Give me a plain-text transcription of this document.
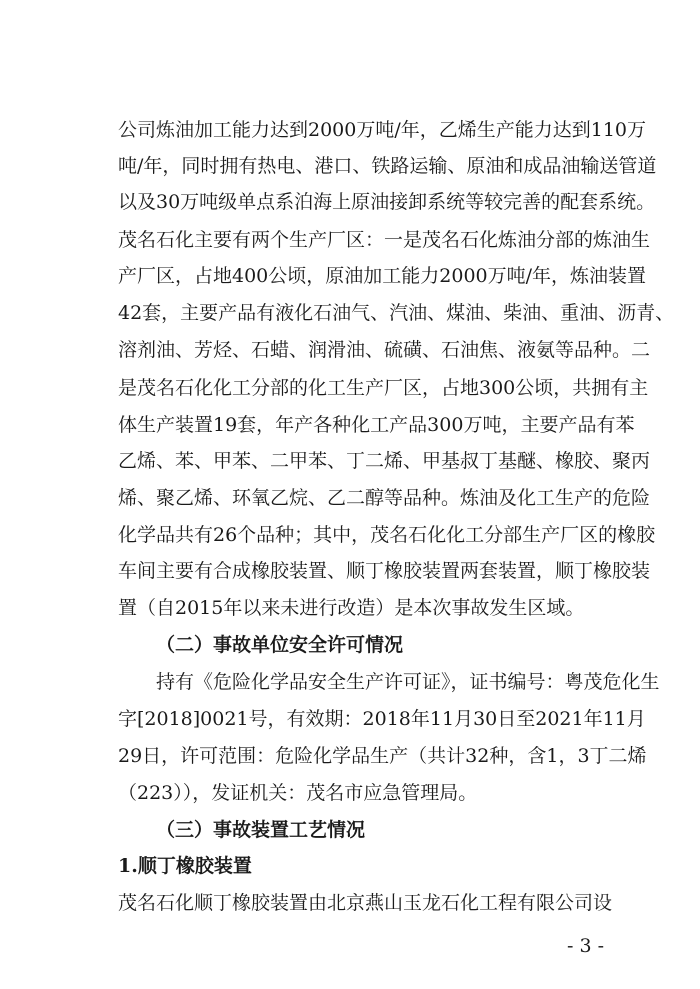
公司炼油加工能力达到2000万吨/年，乙烯生产能力达到110万
吨/年，同时拥有热电、港口、铁路运输、原油和成品油输送管道
以及30万吨级单点系泊海上原油接卸系统等较完善的配套系统。
茂名石化主要有两个生产厂区：一是茂名石化炼油分部的炼油生
产厂区，占地400公顷，原油加工能力2000万吨/年，炼油装置
42套，主要产品有液化石油气、汽油、煤油、柴油、重油、沥青、
溶剂油、芳烃、石蜡、润滑油、硫磺、石油焦、液氨等品种。二
是茂名石化化工分部的化工生产厂区，占地300公顷，共拥有主
体生产装置19套，年产各种化工产品300万吨，主要产品有苯
乙烯、苯、甲苯、二甲苯、丁二烯、甲基叔丁基醚、橡胶、聚丙
烯、聚乙烯、环氧乙烷、乙二醇等品种。炼油及化工生产的危险
化学品共有26个品种；其中，茂名石化化工分部生产厂区的橡胶
车间主要有合成橡胶装置、顺丁橡胶装置两套装置，顺丁橡胶装
置（自2015年以来未进行改造）是本次事故发生区域。
（二）事故单位安全许可情况
持有《危险化学品安全生产许可证》，证书编号：粤茂危化生
字[2018]0021号，有效期：2018年11月30日至2021年11月
29日，许可范围：危险化学品生产（共计32种，含1，3丁二烯
（223）），发证机关：茂名市应急管理局。
（三）事故装置工艺情况
1.顺丁橡胶装置
茂名石化顺丁橡胶装置由北京燕山玉龙石化工程有限公司设
- 3 -
